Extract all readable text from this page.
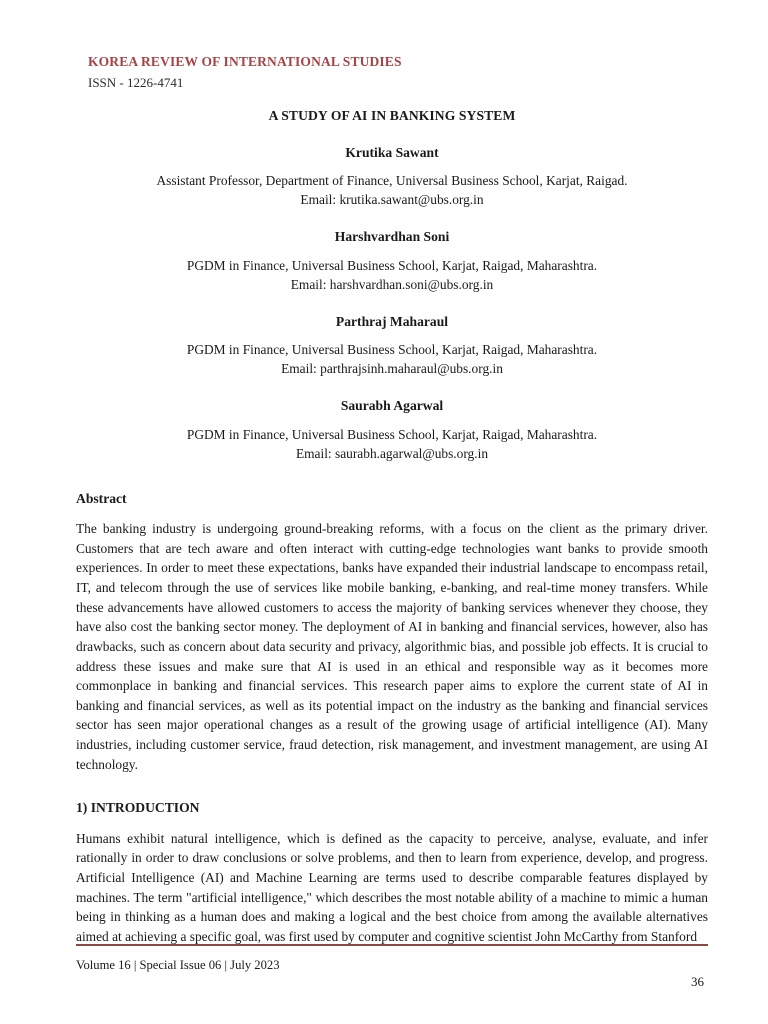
KOREA REVIEW OF INTERNATIONAL STUDIES
ISSN - 1226-4741
A STUDY OF AI IN BANKING SYSTEM
Krutika Sawant
Assistant Professor, Department of Finance, Universal Business School, Karjat, Raigad.
Email: krutika.sawant@ubs.org.in
Harshvardhan Soni
PGDM in Finance, Universal Business School, Karjat, Raigad, Maharashtra.
Email: harshvardhan.soni@ubs.org.in
Parthraj Maharaul
PGDM in Finance, Universal Business School, Karjat, Raigad, Maharashtra.
Email: parthrajsinh.maharaul@ubs.org.in
Saurabh Agarwal
PGDM in Finance, Universal Business School, Karjat, Raigad, Maharashtra.
Email: saurabh.agarwal@ubs.org.in
Abstract

The banking industry is undergoing ground-breaking reforms, with a focus on the client as the primary driver. Customers that are tech aware and often interact with cutting-edge technologies want banks to provide smooth experiences. In order to meet these expectations, banks have expanded their industrial landscape to encompass retail, IT, and telecom through the use of services like mobile banking, e-banking, and real-time money transfers. While these advancements have allowed customers to access the majority of banking services whenever they choose, they have also cost the banking sector money. The deployment of AI in banking and financial services, however, also has drawbacks, such as concern about data security and privacy, algorithmic bias, and possible job effects. It is crucial to address these issues and make sure that AI is used in an ethical and responsible way as it becomes more commonplace in banking and financial services. This research paper aims to explore the current state of AI in banking and financial services, as well as its potential impact on the industry as the banking and financial services sector has seen major operational changes as a result of the growing usage of artificial intelligence (AI). Many industries, including customer service, fraud detection, risk management, and investment management, are using AI technology.

1) INTRODUCTION

Humans exhibit natural intelligence, which is defined as the capacity to perceive, analyse, evaluate, and infer rationally in order to draw conclusions or solve problems, and then to learn from experience, develop, and progress. Artificial Intelligence (AI) and Machine Learning are terms used to describe comparable features displayed by machines. The term "artificial intelligence," which describes the most notable ability of a machine to mimic a human being in thinking as a human does and making a logical and the best choice from among the available alternatives aimed at achieving a specific goal, was first used by computer and cognitive scientist John McCarthy from Stanford

Volume 16 | Special Issue 06 | July 2023
36
